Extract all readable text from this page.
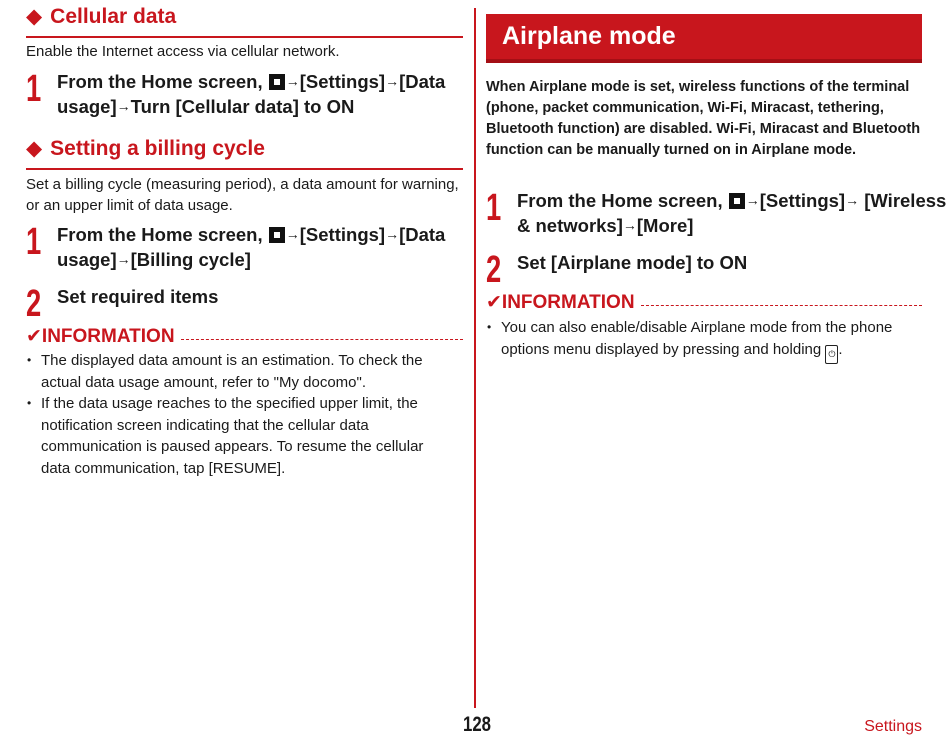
◆ Cellular data

Enable the Internet access via cellular network.

1 From the Home screen, →[Settings]→[Data usage]→Turn [Cellular data] to ON
◆ Setting a billing cycle

Set a billing cycle (measuring period), a data amount for warning, or an upper limit of data usage.

1 From the Home screen, →[Settings]→[Data usage]→[Billing cycle]
2 Set required items
✔INFORMATION
• The displayed data amount is an estimation. To check the actual data usage amount, refer to "My docomo".
• If the data usage reaches to the specified upper limit, the notification screen indicating that the cellular data communication is paused appears. To resume the cellular data communication, tap [RESUME].
Airplane mode

When Airplane mode is set, wireless functions of the terminal (phone, packet communication, Wi-Fi, Miracast, tethering, Bluetooth function) are disabled. Wi-Fi, Miracast and Bluetooth function can be manually turned on in Airplane mode.

1 From the Home screen, →[Settings]→ [Wireless & networks]→[More]
2 Set [Airplane mode] to ON
✔INFORMATION
• You can also enable/disable Airplane mode from the phone options menu displayed by pressing and holding ⏻ .
128	Settings
